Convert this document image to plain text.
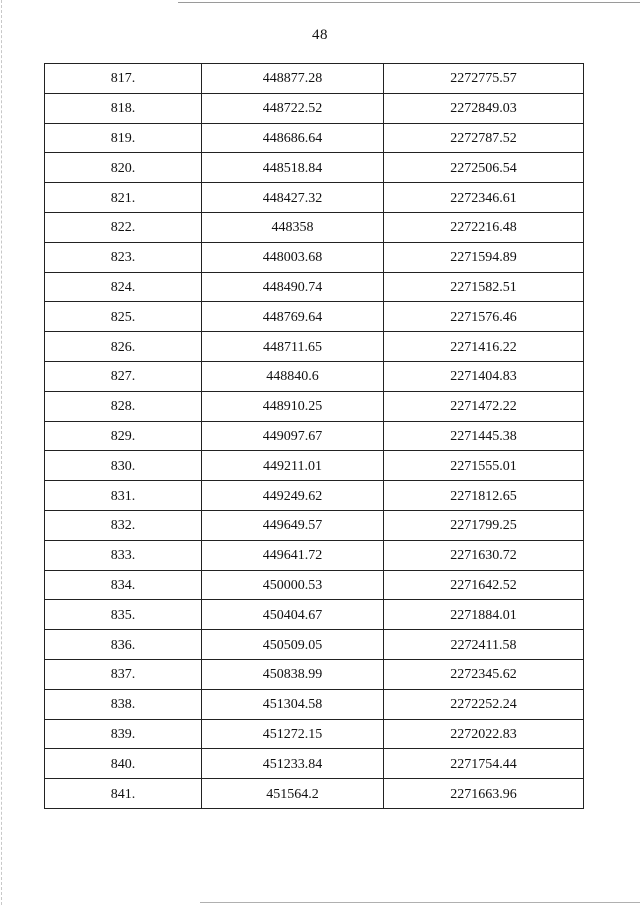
48
817.	448877.28	2272775.57
818.	448722.52	2272849.03
819.	448686.64	2272787.52
820.	448518.84	2272506.54
821.	448427.32	2272346.61
822.	448358	2272216.48
823.	448003.68	2271594.89
824.	448490.74	2271582.51
825.	448769.64	2271576.46
826.	448711.65	2271416.22
827.	448840.6	2271404.83
828.	448910.25	2271472.22
829.	449097.67	2271445.38
830.	449211.01	2271555.01
831.	449249.62	2271812.65
832.	449649.57	2271799.25
833.	449641.72	2271630.72
834.	450000.53	2271642.52
835.	450404.67	2271884.01
836.	450509.05	2272411.58
837.	450838.99	2272345.62
838.	451304.58	2272252.24
839.	451272.15	2272022.83
840.	451233.84	2271754.44
841.	451564.2	2271663.96
